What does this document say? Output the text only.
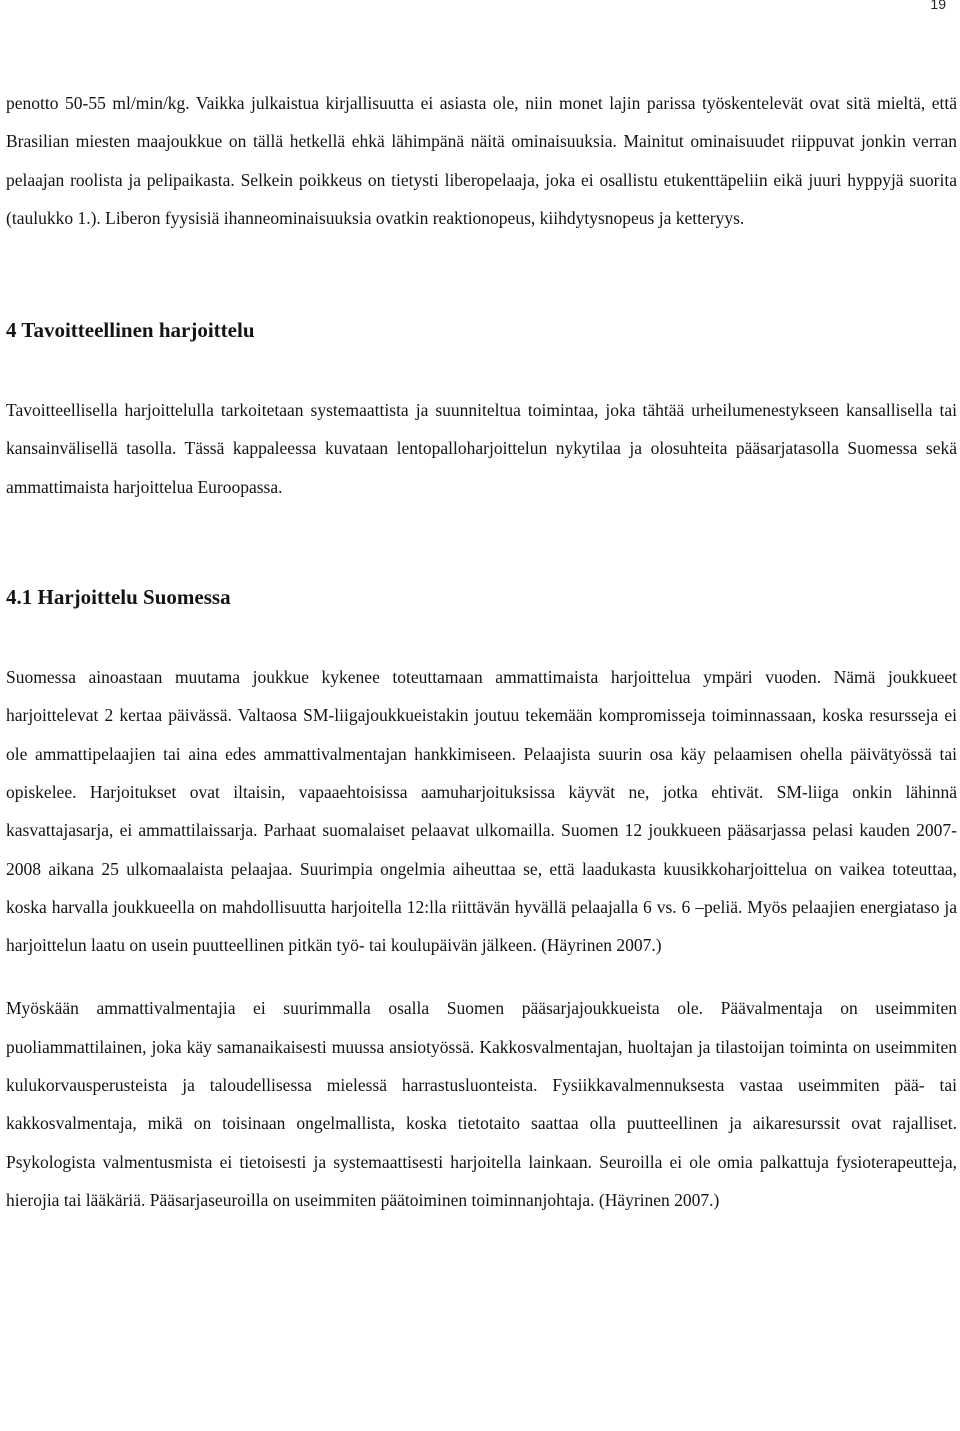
19

penotto 50-55 ml/min/kg. Vaikka julkaistua kirjallisuutta ei asiasta ole, niin monet lajin parissa työskentelevät ovat sitä mieltä, että Brasilian miesten maajoukkue on tällä hetkellä ehkä lähimpänä näitä ominaisuuksia. Mainitut ominaisuudet riippuvat jonkin verran pelaajan roolista ja pelipaikasta. Selkein poikkeus on tietysti liberopelaaja, joka ei osallistu etukenttäpeliin eikä juuri hyppyjä suorita (taulukko 1.). Liberon fyysisiä ihanneominaisuuksia ovatkin reaktionopeus, kiihdytysnopeus ja ketteryys.

4 Tavoitteellinen harjoittelu

Tavoitteellisella harjoittelulla tarkoitetaan systemaattista ja suunniteltua toimintaa, joka tähtää urheilumenestykseen kansallisella tai kansainvälisellä tasolla. Tässä kappaleessa kuvataan lentopalloharjoittelun nykytilaa ja olosuhteita pääsarjatasolla Suomessa sekä ammattimaista harjoittelua Euroopassa.

4.1 Harjoittelu Suomessa

Suomessa ainoastaan muutama joukkue kykenee toteuttamaan ammattimaista harjoittelua ympäri vuoden. Nämä joukkueet harjoittelevat 2 kertaa päivässä. Valtaosa SM-liigajoukkueistakin joutuu tekemään kompromisseja toiminnassaan, koska resursseja ei ole ammattipelaajien tai aina edes ammattivalmentajan hankkimiseen. Pelaajista suurin osa käy pelaamisen ohella päivätyössä tai opiskelee. Harjoitukset ovat iltaisin, vapaaehtoisissa aamuharjoituksissa käyvät ne, jotka ehtivät. SM-liiga onkin lähinnä kasvattajasarja, ei ammattilaissarja. Parhaat suomalaiset pelaavat ulkomailla. Suomen 12 joukkueen pääsarjassa pelasi kauden 2007-2008 aikana 25 ulkomaalaista pelaajaa. Suurimpia ongelmia aiheuttaa se, että laadukasta kuusikkoharjoittelua on vaikea toteuttaa, koska harvalla joukkueella on mahdollisuutta harjoitella 12:lla riittävän hyvällä pelaajalla 6 vs. 6 –peliä. Myös pelaajien energiataso ja harjoittelun laatu on usein puutteellinen pitkän työ- tai koulupäivän jälkeen. (Häyrinen 2007.)

Myöskään ammattivalmentajia ei suurimmalla osalla Suomen pääsarjajoukkueista ole. Päävalmentaja on useimmiten puoliammattilainen, joka käy samanaikaisesti muussa ansiotyössä. Kakkosvalmentajan, huoltajan ja tilastoijan toiminta on useimmiten kulukorvausperusteista ja taloudellisessa mielessä harrastusluonteista. Fysiikkavalmennuksesta vastaa useimmiten pää- tai kakkosvalmentaja, mikä on toisinaan ongelmallista, koska tietotaito saattaa olla puutteellinen ja aikaresurssit ovat rajalliset. Psykologista valmentusmista ei tietoisesti ja systemaattisesti harjoitella lainkaan. Seuroilla ei ole omia palkattuja fysioterapeutteja, hierojia tai lääkäriä. Pääsarjaseuroilla on useimmiten päätoiminen toiminnanjohtaja. (Häyrinen 2007.)
